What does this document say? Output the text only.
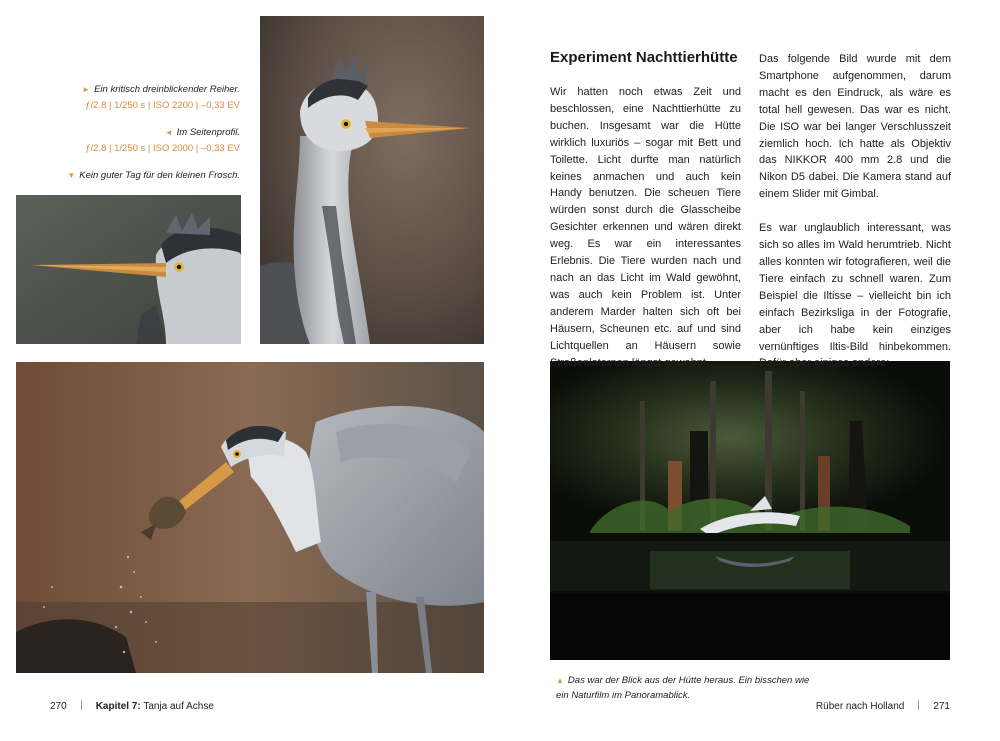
► Ein kritisch dreinblickender Reiher.
ƒ/2.8 | 1/250 s | ISO 2200 | –0,33 EV
◄ Im Seitenprofil.
ƒ/2.8 | 1/250 s | ISO 2000 | –0,33 EV
▼ Kein guter Tag für den kleinen Frosch.
Experiment Nachttierhütte

Wir hatten noch etwas Zeit und beschlossen, eine Nachttierhütte zu buchen. Insgesamt war die Hütte wirklich luxuriös – sogar mit Bett und Toilette. Licht durfte man natürlich keines anmachen und auch kein Handy benutzen. Die scheuen Tiere würden sonst durch die Glasscheibe Gesichter erkennen und wären direkt weg. Es war ein interessantes Erlebnis. Die Tiere wurden nach und nach an das Licht im Wald gewöhnt, was auch kein Problem ist. Unter anderem Marder halten sich oft bei Häusern, Scheunen etc. auf und sind Lichtquellen an Häusern sowie Straßenlaternen längst gewohnt.

Das folgende Bild wurde mit dem Smartphone aufgenommen, darum macht es den Eindruck, als wäre es total hell gewesen. Das war es nicht. Die ISO war bei langer Verschlusszeit ziemlich hoch. Ich hatte als Objektiv das NIKKOR 400 mm 2.8 und die Nikon D5 dabei. Die Kamera stand auf einem Slider mit Gimbal.

Es war unglaublich interessant, was sich so alles im Wald herumtrieb. Nicht alles konnten wir fotografieren, weil die Tiere einfach zu schnell waren. Zum Beispiel die Iltisse – vielleicht bin ich einfach Bezirksliga in der Fotografie, aber ich habe kein einziges vernünftiges Iltis-Bild hinbekommen. Dafür aber einiges andere:

▲ Das war der Blick aus der Hütte heraus. Ein bisschen wie ein Naturfilm im Panoramablick.
270	Kapitel 7: Tanja auf Achse	Rüber nach Holland	271
